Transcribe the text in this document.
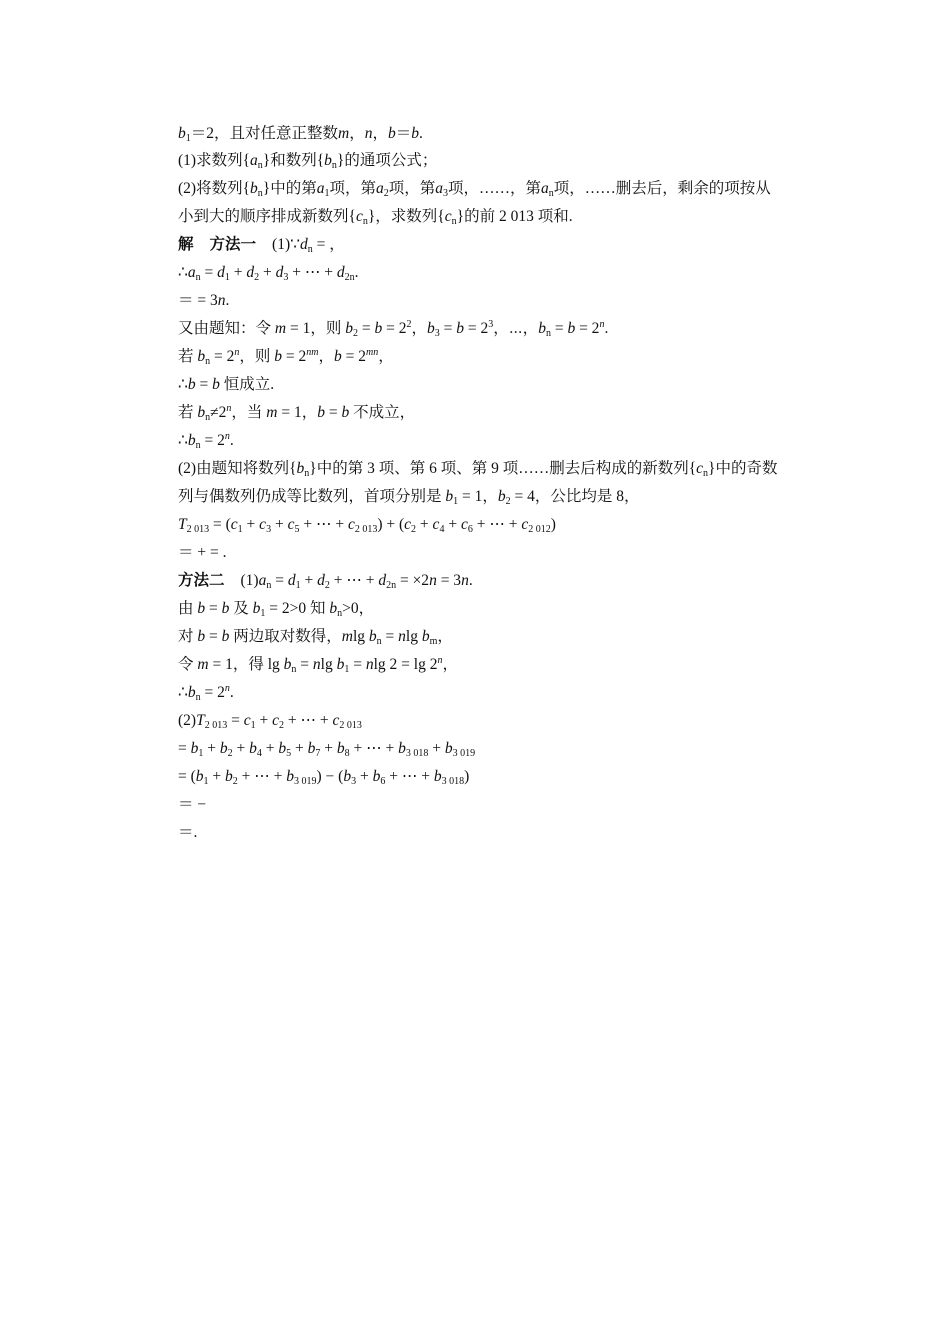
$b_1=2$，且对任意正整数m，n，b＝b.
(1)求数列$\{a_n\}$和数列$\{b_n\}$的通项公式；
(2)将数列$\{b_n\}$中的第$a_1$项，第$a_2$项，第$a_3$项，……，第$a_n$项，……删去后，剩余的项按从
小到大的顺序排成新数列$\{c_n\}$，求数列$\{c_n\}$的前 2 013 项和.
解 方法一 $(1)\because d_n$ = ，
$\therefore a_n = d_1 + d_2 + d_3$ + ⋯ + $d_{2n}$.
＝ = 3n.
又由题知：令 m = 1，则 $b_2 = b = 2^2$，$b_3 = b = 2^3$，⋯，$b_n = b = 2^n$.
若 $b_n = 2^n$，则 $b = 2^{nm}$，$b = 2^{mn}$，
∴b = b 恒成立.
若 $b_n\ne 2^n$，当 m = 1，b = b 不成立，
$\therefore b_n = 2^n$.
(2)由题知将数列$\{b_n\}$中的第 3 项、第 6 项、第 9 项……删去后构成的新数列$\{c_n\}$中的奇数
列与偶数列仍成等比数列，首项分别是 $b_1 = 1$，$b_2 = 4$，公比均是 8，
$T_{2 013} = (c_1 + c_3 + c_5$ + ⋯ + $c_{2 013}) + (c_2 + c_4 + c_6$ + ⋯ + $c_{2 012}$)
＝ + = .
方法二 $(1)a_n = d_1 + d_2$ + ⋯ + $d_{2n} = \times 2n = 3n$.
由 b = b 及 $b_1 = 2>0$ 知 $b_n>0$，
对 b = b 两边取对数得，mlg $b_n = nlg$ $b_m$，
令 m = 1，得 $\lg b_n = nlg$ $b_1 = nlg$ 2 = lg 2$^n$，
$\therefore b_n = 2^n$.
$(2)T_{2 013} = c_1 + c_2$ + ⋯ + $c_{2 013}$
= $b_1 + b_2 + b_4 + b_5 + b_7 + b_8$ + ⋯ + $b_{3 018} + b_{3 019}$
= ($b_1 + b_2$ + ⋯ + $b_{3 019}) - (b_3 + b_6$ + ⋯ + $b_{3 018}$)
＝ −
＝.
